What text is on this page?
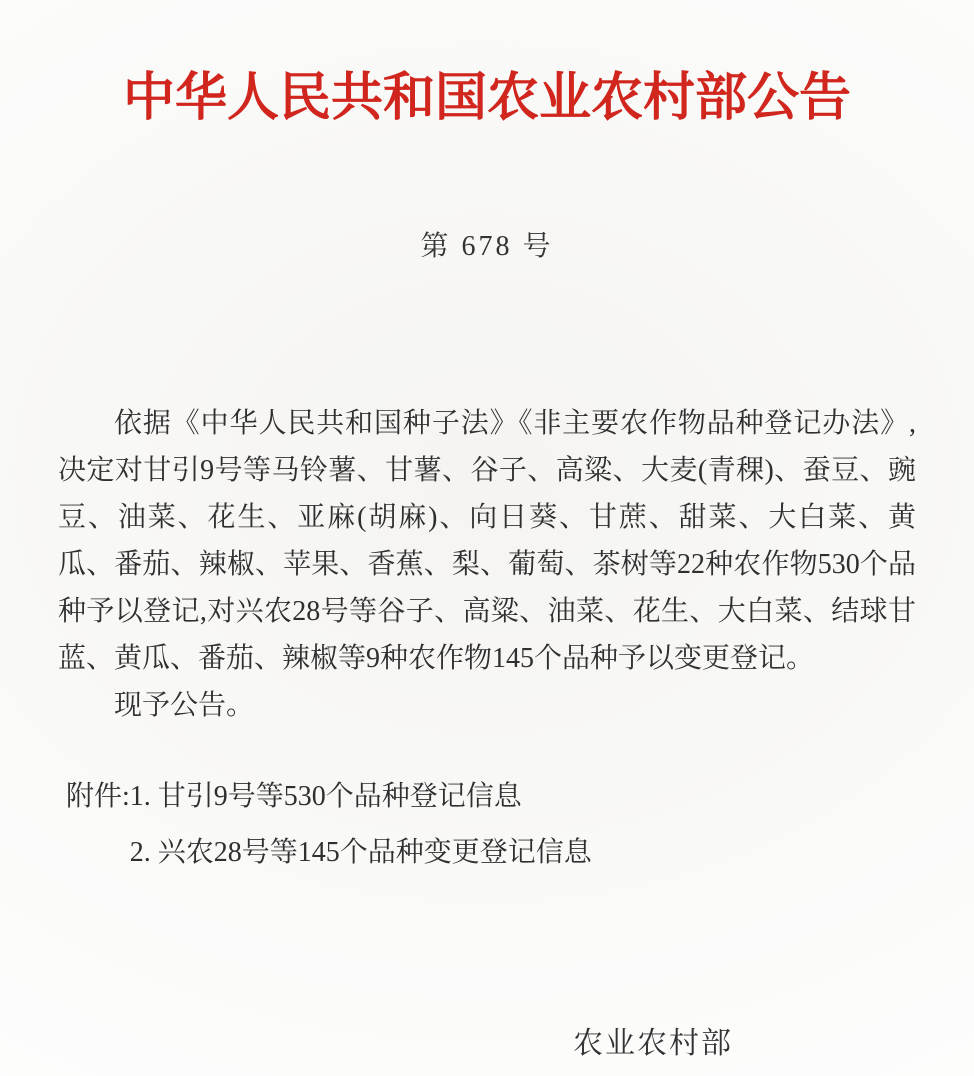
中华人民共和国农业农村部公告
第 678 号

依据《中华人民共和国种子法》《非主要农作物品种登记办法》,决定对甘引9号等马铃薯、甘薯、谷子、高粱、大麦(青稞)、蚕豆、豌豆、油菜、花生、亚麻(胡麻)、向日葵、甘蔗、甜菜、大白菜、黄瓜、番茄、辣椒、苹果、香蕉、梨、葡萄、茶树等22种农作物530个品种予以登记,对兴农28号等谷子、高粱、油菜、花生、大白菜、结球甘蓝、黄瓜、番茄、辣椒等9种农作物145个品种予以变更登记。

现予公告。

附件: 1. 甘引9号等530个品种登记信息
2. 兴农28号等145个品种变更登记信息
农业农村部
